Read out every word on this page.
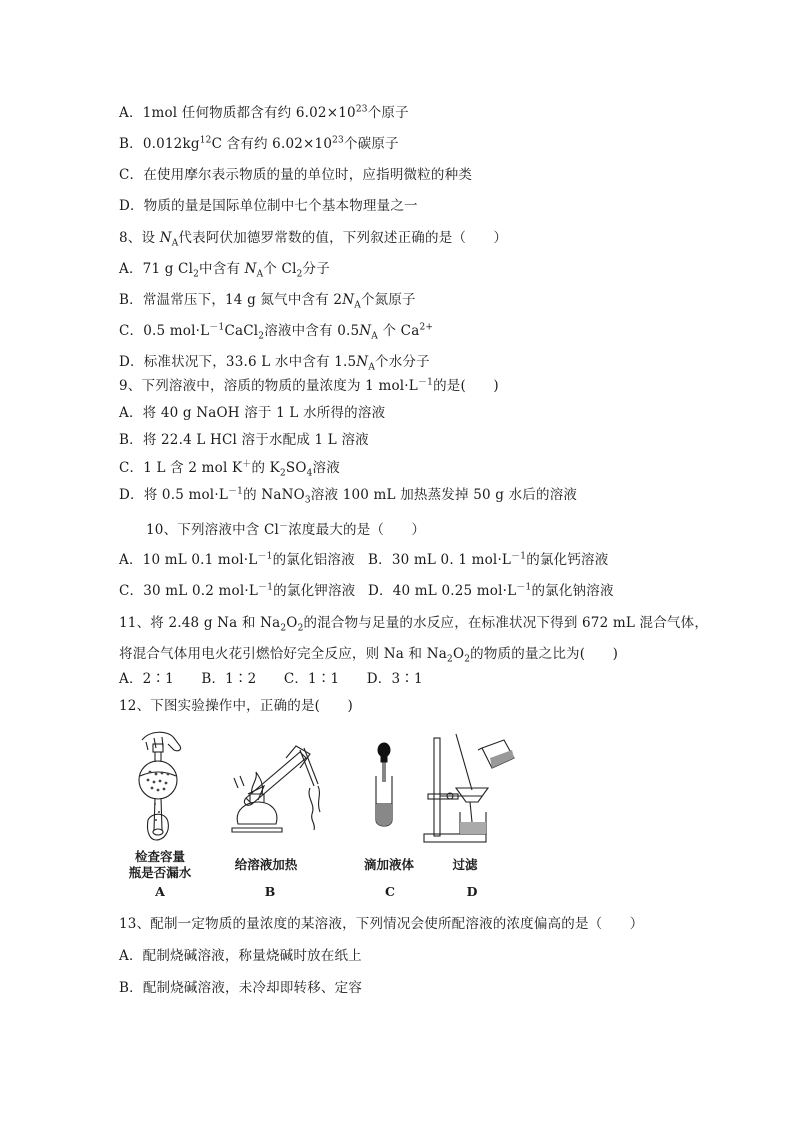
A．1mol 任何物质都含有约 $6.02\times 10^{23}$个原子
B．$0.012kg^{12}C$ 含有约 $6.02\times 10^{23}$个碳原子
C．在使用摩尔表示物质的量的单位时，应指明微粒的种类
D．物质的量是国际单位制中七个基本物理量之一
8、设 $N_A$代表阿伏加德罗常数的值，下列叙述正确的是（　　）
A．71 g $Cl_2$中含有 $N_A$个 $Cl_2$分子
B．常温常压下，14 g 氮气中含有 $2N_A$个氮原子
C．0.5 $mol\cdot L^{-1}CaCl_2$溶液中含有 $0.5N_A$ 个 $Ca^{2+}$
D．标准状况下，33.6 L 水中含有 $1.5N_A$个水分子
9、下列溶液中，溶质的物质的量浓度为 1 $mol\cdot L^{-1}$的是(　　)
A．将 40 g NaOH 溶于 1 L 水所得的溶液
B．将 22.4 L HCl 溶于水配成 1 L 溶液
C．1 L 含 2 mol K＋的 $K_2SO_4$溶液
D．将 0.5 $mol\cdot L^{-1}$的 NaNO$_3$溶液 100 mL 加热蒸发掉 50 g 水后的溶液
10、下列溶液中含 Cl－浓度最大的是（　　）
A．10 mL 0.1 $mol\cdot L^{-1}$的氯化铝溶液 B．30 mL 0. 1 $mol\cdot L^{-1}$的氯化钙溶液
C．30 mL 0.2 $mol\cdot L^{-1}$的氯化钾溶液 D．40 mL 0.25 $mol\cdot L^{-1}$的氯化钠溶液
11、将 2.48 g Na 和 $Na_2O_2$的混合物与足量的水反应，在标准状况下得到 672 mL 混合气体，
将混合气体用电火花引燃恰好完全反应，则 Na 和 $Na_2O_2$的物质的量之比为(　　)
A．2∶1　　B．1∶2　　C．1∶1　　D．3∶1
12、下图实验操作中，正确的是(　　)
检查容量
瓶是否漏水
A
给溶液加热
B
滴加液体
C
过滤
D
13、配制一定物质的量浓度的某溶液，下列情况会使所配溶液的浓度偏高的是（　　）
A．配制烧碱溶液，称量烧碱时放在纸上
B．配制烧碱溶液，未冷却即转移、定容
